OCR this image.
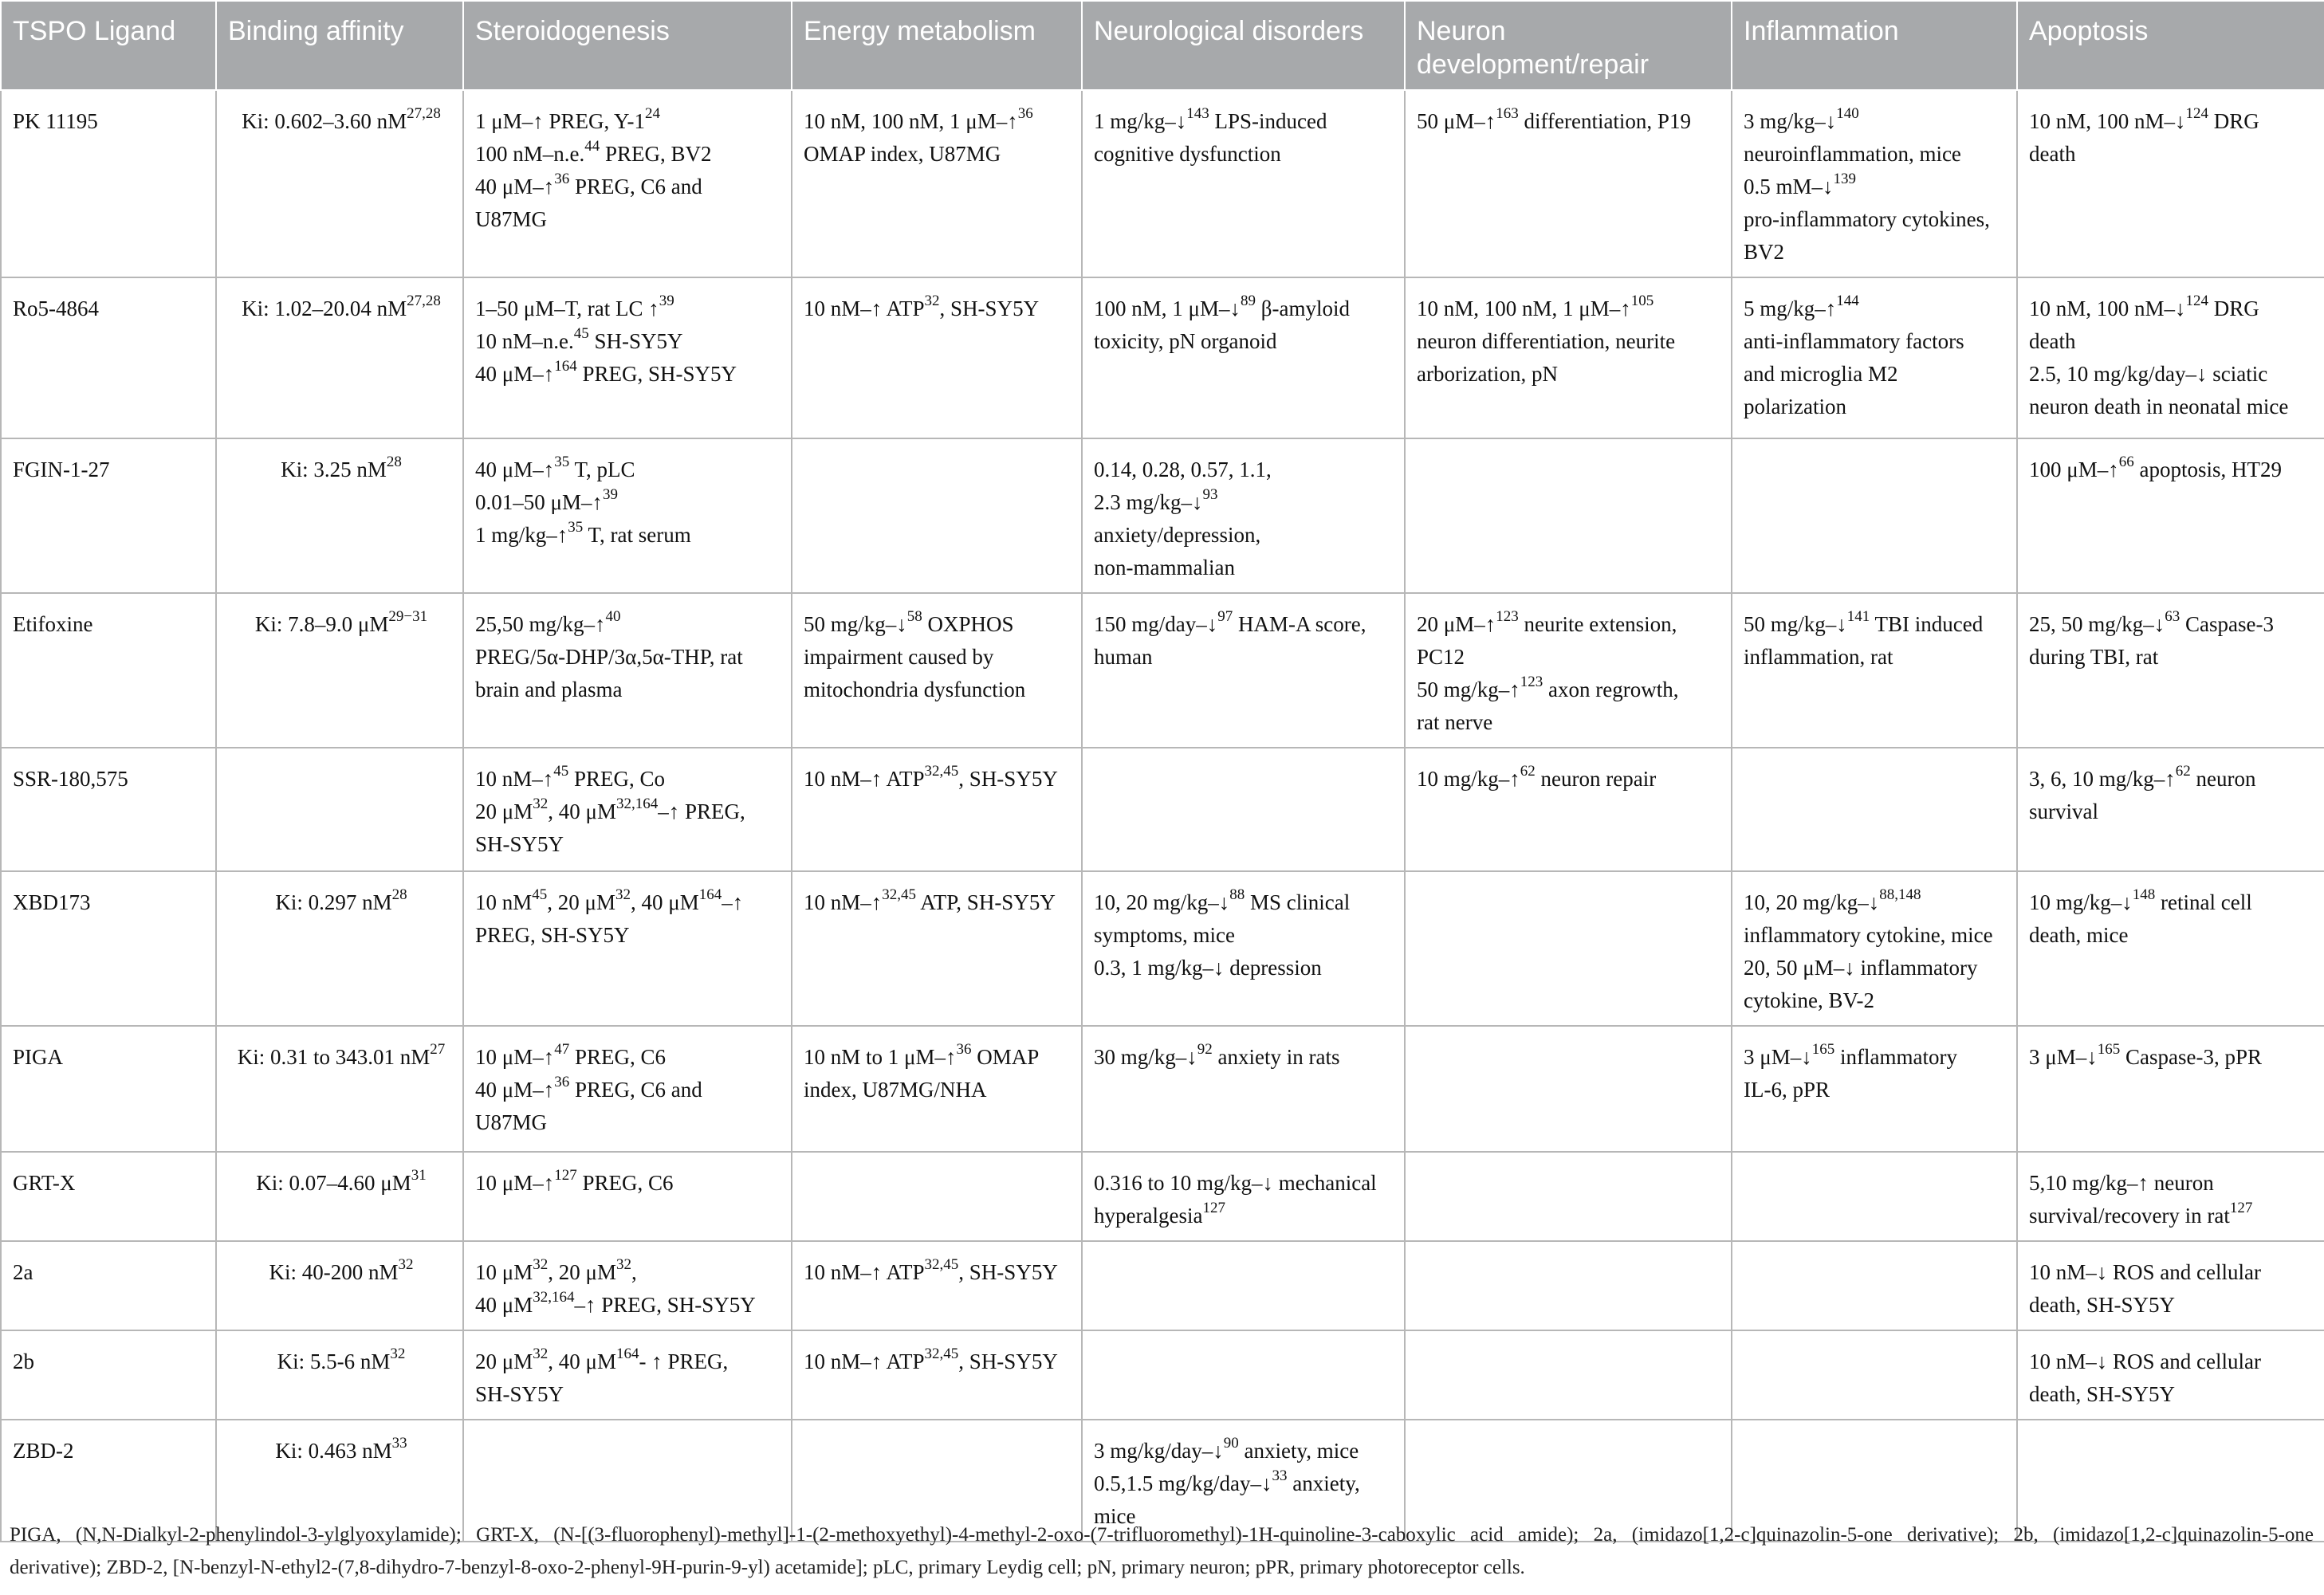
TSPO Ligand	Binding affinity	Steroidogenesis	Energy metabolism	Neurological disorders	Neuron development/repair	Inflammation	Apoptosis
PK 11195	Ki: 0.602–3.60 nM$^{27,28}$	1 μM–↑ PREG, $Y-1^{24}$
100 nM–n.e.$^{44}$ PREG, BV2
40 μM–↑$^{36}$ PREG, C6 and
U87MG	10 nM, 100 nM, 1 μM–↑$^{36}$
OMAP index, U87MG	1 mg/kg–↓$^{143}$ LPS-induced
cognitive dysfunction	50 μM–↑$^{163}$ differentiation, P19	3 mg/kg–↓$^{140}$
neuroinflammation, mice
0.5 mM–↓$^{139}$
pro-inflammatory cytokines,
BV2	10 nM, 100 nM–↓$^{124}$ DRG
death

Ro5-4864	Ki: 1.02–20.04 nM$^{27,28}$	1–50 μM–T, rat LC ↑$^{39}$
10 nM–n.e.$^{45}$ SH-SY5Y
40 μM–↑$^{164}$ PREG, SH-SY5Y	10 nM–↑ ATP$^{32}$, SH-SY5Y	100 nM, 1 μM–↓$^{89}$ β-amyloid
toxicity, pN organoid	10 nM, 100 nM, 1 μM–↑$^{105}$
neuron differentiation, neurite
arborization, pN	5 mg/kg–↑$^{144}$
anti-inflammatory factors
and microglia M2
polarization	10 nM, 100 nM–↓$^{124}$ DRG
death
2.5, 10 mg/kg/day–↓ sciatic
neuron death in neonatal mice

FGIN-1-27	Ki: 3.25 $nM^{28}$	40 μM–↑$^{35}$ T, pLC
0.01–50 μM–↑$^{39}$
1 mg/kg–↑$^{35}$ T, rat serum		0.14, 0.28, 0.57, 1.1,
2.3 mg/kg–↓$^{93}$
anxiety/depression,
non-mammalian			100 μM–↑$^{66}$ apoptosis, HT29

Etifoxine	Ki: 7.8–9.0 $\mu M^{29-31}$	25,50 mg/kg–↑$^{40}$
PREG/5α-DHP/3α,5α-THP, rat
brain and plasma	50 mg/kg–↓$^{58}$ OXPHOS
impairment caused by
mitochondria dysfunction	150 mg/day–↓$^{97}$ HAM-A score,
human	20 μM–↑$^{123}$ neurite extension,
PC12
50 mg/kg–↑$^{123}$ axon regrowth,
rat nerve	50 mg/kg–↓$^{141}$ TBI induced
inflammation, rat	25, 50 mg/kg–↓$^{63}$ Caspase-3
during TBI, rat

SSR-180,575		10 nM–↑$^{45}$ PREG, Co
20 $\mu M^{32}$, 40 μM$^{32,164}$–↑ PREG,
SH-SY5Y	10 nM–↑ ATP$^{32,45}$, SH-SY5Y		10 mg/kg–↑$^{62}$ neuron repair		3, 6, 10 mg/kg–↑$^{62}$ neuron
survival

XBD173	Ki: 0.297 $nM^{28}$	10 $nM^{45}$, 20 $\mu M^{32}$, 40 $\mu M^{164}-↑$
PREG, SH-SY5Y	10 nM–↑$^{32,45}$ ATP, SH-SY5Y	10, 20 mg/kg–↓$^{88}$ MS clinical
symptoms, mice
0.3, 1 mg/kg–↓ depression		10, 20 mg/kg–↓$^{88,148}$
inflammatory cytokine, mice
20, 50 μM–↓ inflammatory
cytokine, BV-2	10 mg/kg–↓$^{148}$ retinal cell
death, mice

PIGA	Ki: 0.31 to 343.01 $nM^{27}$	10 μM–↑$^{47}$ PREG, C6
40 μM–↑$^{36}$ PREG, C6 and
U87MG	10 nM to 1 μM–↑$^{36}$ OMAP
index, U87MG/NHA	30 mg/kg–↓$^{92}$ anxiety in rats		3 μM–↓$^{165}$ inflammatory
IL-6, pPR	3 μM–↓$^{165}$ Caspase-3, pPR

GRT-X	Ki: 0.07–4.60 $\mu M^{31}$	10 μM–↑$^{127}$ PREG, C6		0.316 to 10 mg/kg–↓ mechanical
hyperalgesia$^{127}$			5,10 mg/kg–↑ neuron
survival/recovery in rat$^{127}$

2a	Ki: 40-200 $nM^{32}$	10 $\mu M^{32}$, 20 $\mu M^{32}$,
40 μM$^{32,164}$–↑ PREG, SH-SY5Y	10 nM–↑ ATP$^{32,45}$, SH-SY5Y				10 nM–↓ ROS and cellular
death, SH-SY5Y

2b	Ki: 5.5-6 $nM^{32}$	20 $\mu M^{32}$, 40 $\mu M^{164}-$ ↑ PREG,
SH-SY5Y	10 nM–↑ ATP$^{32,45}$, SH-SY5Y				10 nM–↓ ROS and cellular
death, SH-SY5Y

ZBD-2	Ki: 0.463 $nM^{33}$			3 mg/kg/day–↓$^{90}$ anxiety, mice
0.5,1.5 mg/kg/day–↓$^{33}$ anxiety,
mice			

PIGA, (N,N-Dialkyl-2-phenylindol-3-ylglyoxylamide); GRT-X, (N-[(3-fluorophenyl)-methyl]-1-(2-methoxyethyl)-4-methyl-2-oxo-(7-trifluoromethyl)-1H-quinoline-3-caboxylic acid amide); 2a, (imidazo[1,2-c]quinazolin-5-one derivative); 2b, (imidazo[1,2-c]quinazolin-5-one derivative); ZBD-2, [N-benzyl-N-ethyl2-(7,8-dihydro-7-benzyl-8-oxo-2-phenyl-9H-purin-9-yl) acetamide]; pLC, primary Leydig cell; pN, primary neuron; pPR, primary photoreceptor cells.
